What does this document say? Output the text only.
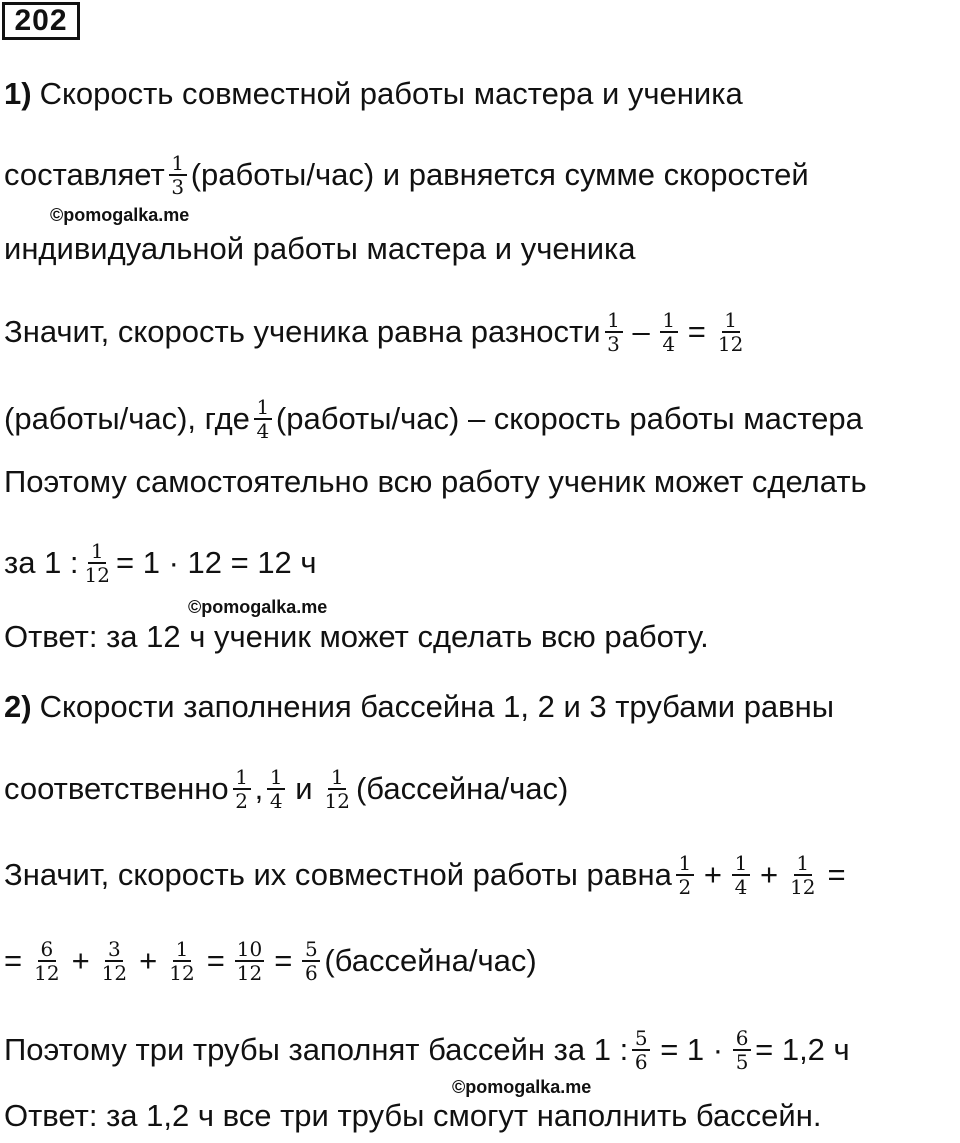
202
1) Скорость совместной работы мастера и ученика
составляет $\frac{1}{3}$ (работы/час) и равняется сумме скоростей
©pomogalka.me
индивидуальной работы мастера и ученика
Значит, скорость ученика равна разности $\frac{1}{3} - \frac{1}{4} = \frac{1}{12}$
(работы/час), где $\frac{1}{4}$ (работы/час) – скорость работы мастера
Поэтому самостоятельно всю работу ученик может сделать
за 1 : $\frac{1}{12} = 1 \cdot 12 = 12$ ч
©pomogalka.me
Ответ: за 12 ч ученик может сделать всю работу.
2) Скорости заполнения бассейна 1, 2 и 3 трубами равны
соответственно $\frac{1}{2}$ , $\frac{1}{4}$ и $\frac{1}{12}$ (бассейна/час)
Значит, скорость их совместной работы равна $\frac{1}{2} + \frac{1}{4} + \frac{1}{12}$ =
= $\frac{6}{12} + \frac{3}{12} + \frac{1}{12} = \frac{10}{12} = \frac{5}{6}$ (бассейна/час)
Поэтому три трубы заполнят бассейн за 1 : $\frac{5}{6} = 1 \cdot \frac{6}{5} = 1,2$ ч
©pomogalka.me
Ответ: за 1,2 ч все три трубы смогут наполнить бассейн.
